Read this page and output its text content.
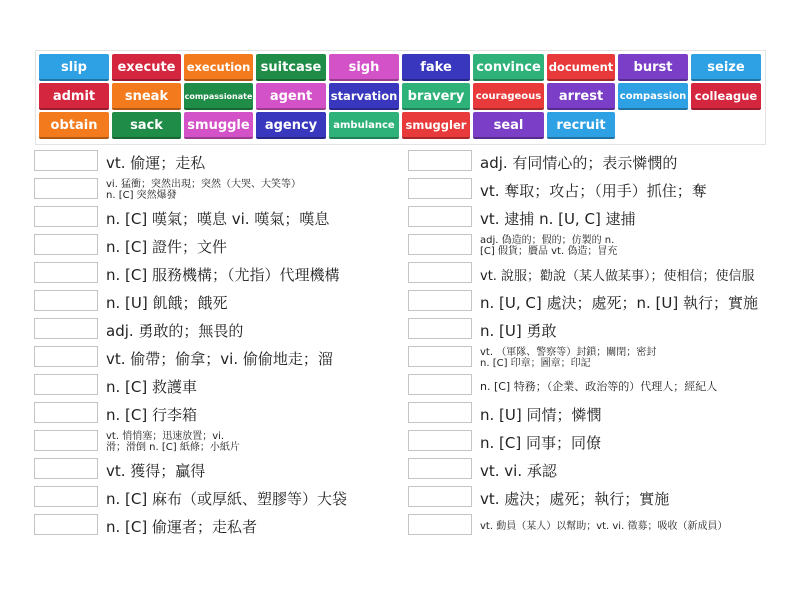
slip	execute execution suitcase	sigh	fake	convince document	burst	seize
admit	sneak	compassionate	agent	starvation bravery	courageous	arrest	compassion colleague
obtain	sack	smuggle	agency	ambulance smuggler	seal	recruit
vt. 偷運；走私
vi. 猛衝；突然出現；突然（大哭、大笑等）
n. [C] 突然爆發
n. [C] 嘆氣；嘆息 vi. 嘆氣；嘆息
n. [C] 證件；文件
n. [C] 服務機構；（尤指）代理機構
n. [U] 飢餓；餓死
adj. 勇敢的；無畏的
vt. 偷帶；偷拿；vi. 偷偷地走；溜
n. [C] 救護車
n. [C] 行李箱
vt. 悄悄塞；迅速放置；vi.
滑；滑倒 n. [C] 紙條；小紙片
vt. 獲得；贏得
n. [C] 麻布（或厚紙、塑膠等）大袋
n. [C] 偷運者；走私者
adj. 有同情心的；表示憐憫的
vt. 奪取；攻占；（用手）抓住；奪
vt. 逮捕 n. [U, C] 逮捕
adj. 偽造的；假的；仿製的 n.
[C] 假貨；贗品 vt. 偽造；冒充
vt. 說服；勸說（某人做某事）；使相信；使信服
n. [U, C] 處決；處死；n. [U] 執行；實施
n. [U] 勇敢
vt. （軍隊、警察等）封鎖；關閉；密封
n. [C] 印章；圖章；印記
n. [C] 特務；（企業、政治等的）代理人；經紀人
n. [U] 同情；憐憫
n. [C] 同事；同僚
vt. vi. 承認
vt. 處決；處死；執行；實施
vt. 動員（某人）以幫助；vt. vi. 徵募；吸收（新成員）
